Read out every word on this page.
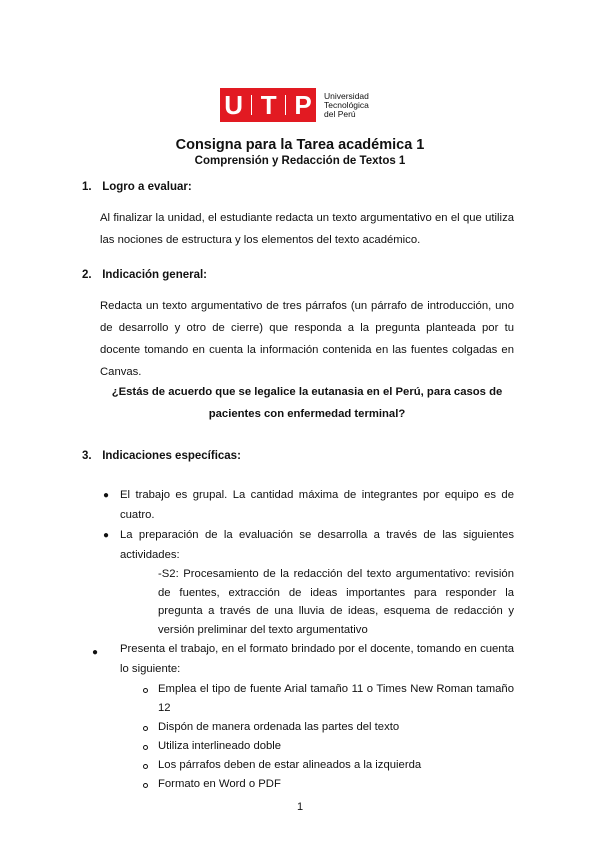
U T P Universidad
Tecnológica
del Perú
Consigna para la Tarea académica 1
Comprensión y Redacción de Textos 1
1. Logro a evaluar:
Al finalizar la unidad, el estudiante redacta un texto argumentativo en el que utiliza las nociones de estructura y los elementos del texto académico.
2. Indicación general:
Redacta un texto argumentativo de tres párrafos (un párrafo de introducción, uno de desarrollo y otro de cierre) que responda a la pregunta planteada por tu docente tomando en cuenta la información contenida en las fuentes colgadas en Canvas.
¿Estás de acuerdo que se legalice la eutanasia en el Perú, para casos de pacientes con enfermedad terminal?
3. Indicaciones específicas:
● El trabajo es grupal. La cantidad máxima de integrantes por equipo es de cuatro.
● La preparación de la evaluación se desarrolla a través de las siguientes actividades:
-S2: Procesamiento de la redacción del texto argumentativo: revisión de fuentes, extracción de ideas importantes para responder la pregunta a través de una lluvia de ideas, esquema de redacción y versión preliminar del texto argumentativo
● Presenta el trabajo, en el formato brindado por el docente, tomando en cuenta lo siguiente:
Emplea el tipo de fuente Arial tamaño 11 o Times New Roman tamaño 12
Dispón de manera ordenada las partes del texto
Utiliza interlineado doble
Los párrafos deben de estar alineados a la izquierda
Formato en Word o PDF
1
